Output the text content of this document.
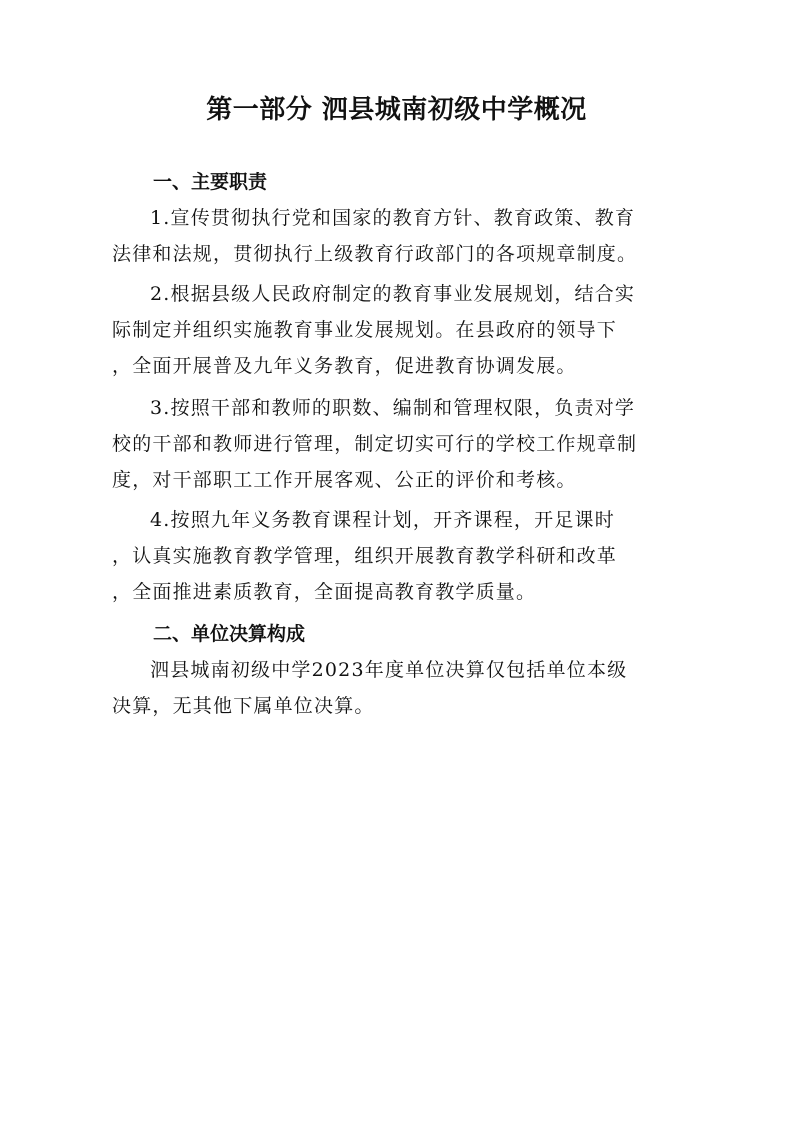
第一部分 泗县城南初级中学概况
一、主要职责

1.宣传贯彻执行党和国家的教育方针、教育政策、教育
法律和法规，贯彻执行上级教育行政部门的各项规章制度。

2.根据县级人民政府制定的教育事业发展规划，结合实
际制定并组织实施教育事业发展规划。在县政府的领导下
，全面开展普及九年义务教育，促进教育协调发展。

3.按照干部和教师的职数、编制和管理权限，负责对学
校的干部和教师进行管理，制定切实可行的学校工作规章制
度，对干部职工工作开展客观、公正的评价和考核。

4.按照九年义务教育课程计划，开齐课程，开足课时
，认真实施教育教学管理，组织开展教育教学科研和改革
，全面推进素质教育，全面提高教育教学质量。

二、单位决算构成

泗县城南初级中学2023年度单位决算仅包括单位本级
决算，无其他下属单位决算。
